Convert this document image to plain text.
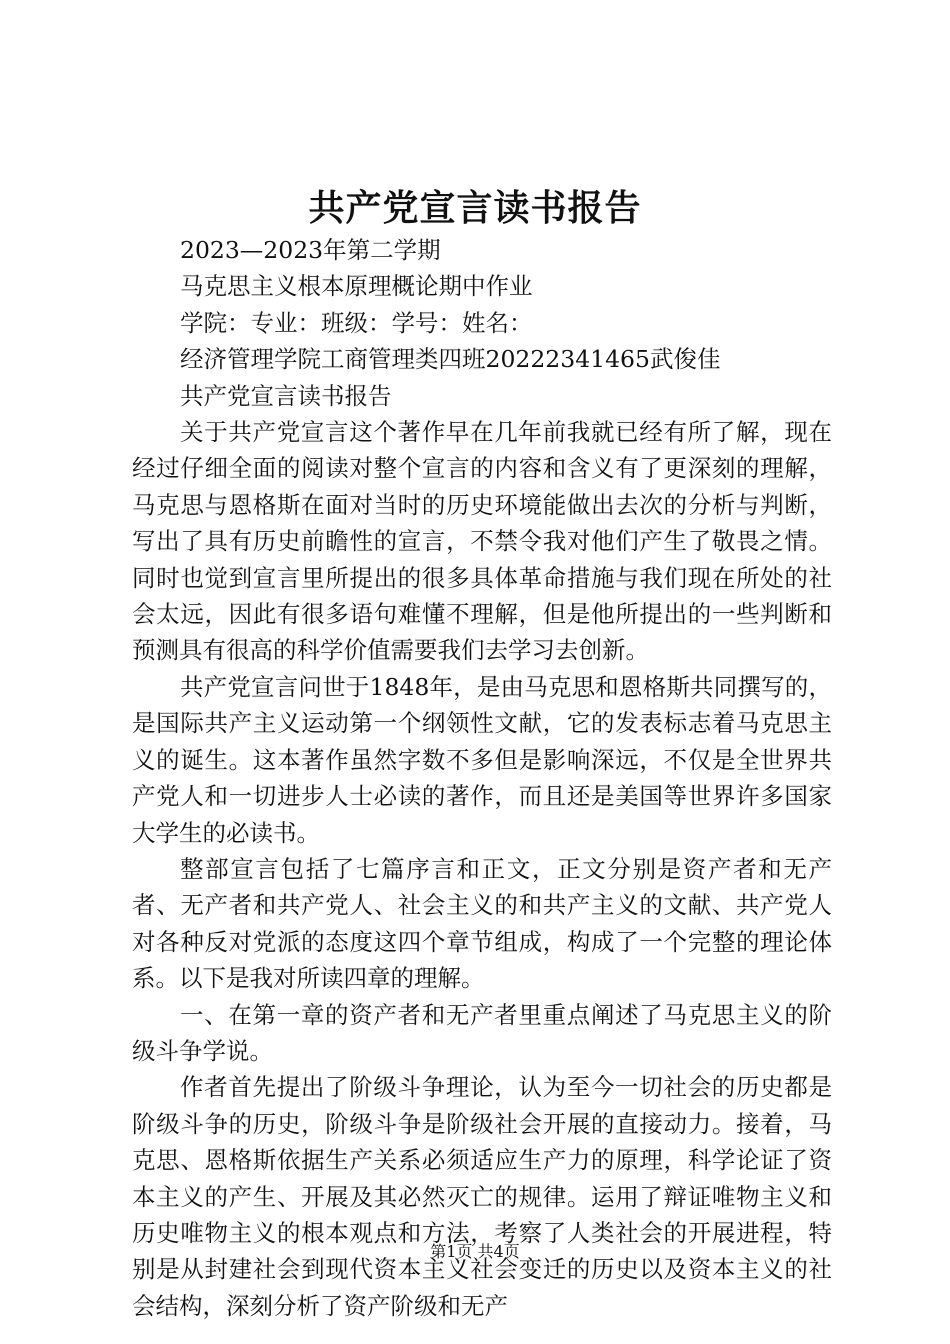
共产党宣言读书报告

2023—2023年第二学期

马克思主义根本原理概论期中作业

学院：专业：班级：学号：姓名：

经济管理学院工商管理类四班20222341465武俊佳

共产党宣言读书报告

关于共产党宣言这个著作早在几年前我就已经有所了解，现在经过仔细全面的阅读对整个宣言的内容和含义有了更深刻的理解，马克思与恩格斯在面对当时的历史环境能做出去次的分析与判断，写出了具有历史前瞻性的宣言，不禁令我对他们产生了敬畏之情。同时也觉到宣言里所提出的很多具体革命措施与我们现在所处的社会太远，因此有很多语句难懂不理解，但是他所提出的一些判断和预测具有很高的科学价值需要我们去学习去创新。

共产党宣言问世于1848年，是由马克思和恩格斯共同撰写的，是国际共产主义运动第一个纲领性文献，它的发表标志着马克思主义的诞生。这本著作虽然字数不多但是影响深远，不仅是全世界共产党人和一切进步人士必读的著作，而且还是美国等世界许多国家大学生的必读书。

整部宣言包括了七篇序言和正文，正文分别是资产者和无产者、无产者和共产党人、社会主义的和共产主义的文献、共产党人对各种反对党派的态度这四个章节组成，构成了一个完整的理论体系。以下是我对所读四章的理解。

一、在第一章的资产者和无产者里重点阐述了马克思主义的阶级斗争学说。

作者首先提出了阶级斗争理论，认为至今一切社会的历史都是阶级斗争的历史，阶级斗争是阶级社会开展的直接动力。接着，马克思、恩格斯依据生产关系必须适应生产力的原理，科学论证了资本主义的产生、开展及其必然灭亡的规律。运用了辩证唯物主义和历史唯物主义的根本观点和方法，考察了人类社会的开展进程，特别是从封建社会到现代资本主义社会变迁的历史以及资本主义的社会结构，深刻分析了资产阶级和无产

第1页 共4页
